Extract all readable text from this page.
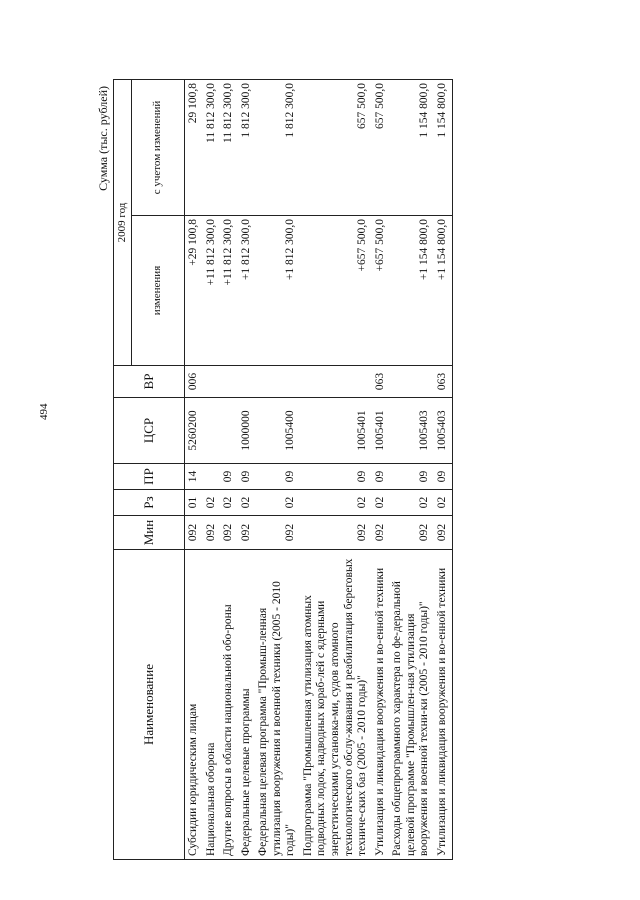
494
Сумма (тыс. рублей)
Наименование	Мин	Рз	ПР	ЦСР	ВР	2009 год	
						изменения	с учетом изменений
Субсидии юридическим лицам	092	01	14	5260200	006	+29 100,8	29 100,8
Национальная оборона	092	02				+11 812 300,0	11 812 300,0
Другие вопросы в области национальной обо-роны	092	02	09			+11 812 300,0	11 812 300,0
Федеральные целевые программы	092	02	09	1000000		+1 812 300,0	1 812 300,0
Федеральная целевая программа "Промыш-ленная утилизация вооружения и военной техники (2005 - 2010 годы)"	092	02	09	1005400		+1 812 300,0	1 812 300,0
Подпрограмма "Промышленная утилизация атомных подводных лодок, надводных кораб-лей с ядерными энергетическими установка-ми, судов атомного технологического обслу-живания и реабилитация береговых техниче-ских баз (2005 - 2010 годы)"	092	02	09	1005401		+657 500,0	657 500,0
Утилизация и ликвидация вооружения и во-енной техники	092	02	09	1005401	063	+657 500,0	657 500,0
Расходы общепрограммного характера по фе-деральной целевой программе "Промышлен-ная утилизация вооружения и военной техни-ки (2005 - 2010 годы)"	092	02	09	1005403		+1 154 800,0	1 154 800,0
Утилизация и ликвидация вооружения и во-енной техники	092	02	09	1005403	063	+1 154 800,0	1 154 800,0
